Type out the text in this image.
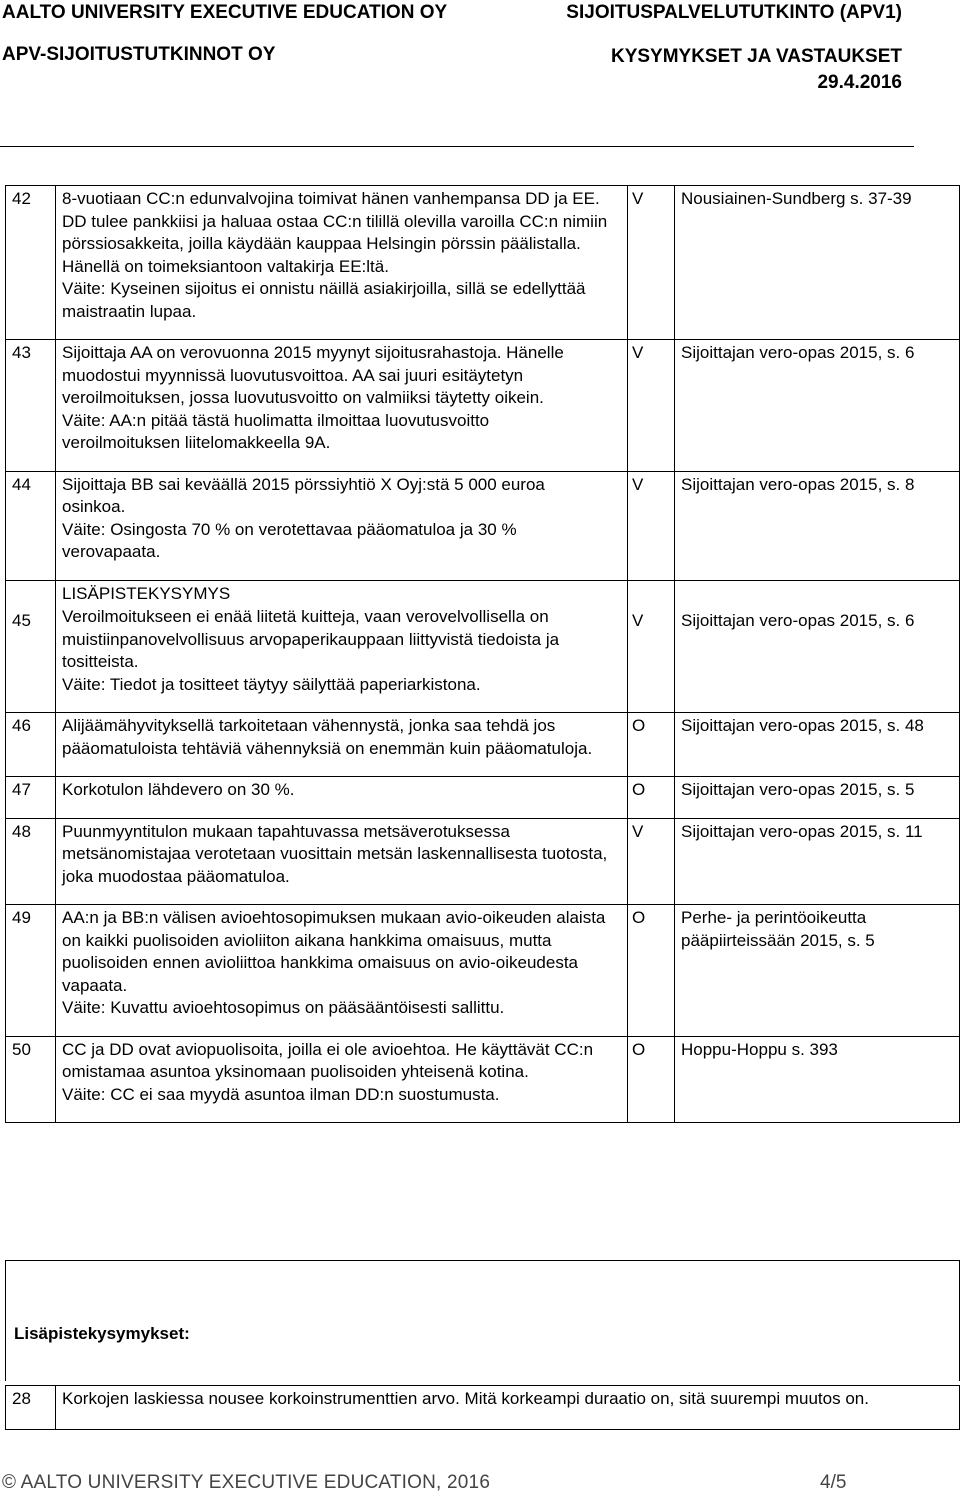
AALTO UNIVERSITY EXECUTIVE EDUCATION OY
APV-SIJOITUSTUTKINNOT OY
SIJOITUSPALVELUTUTKINTO (APV1)
KYSYMYKSET JA VASTAUKSET
29.4.2016
42	8-vuotiaan CC:n edunvalvojina toimivat hänen vanhempansa DD ja EE. DD tulee pankkiisi ja haluaa ostaa CC:n tilillä olevilla varoilla CC:n nimiin pörssiosakkeita, joilla käydään kauppaa Helsingin pörssin päälistalla. Hänellä on toimeksiantoon valtakirja EE:ltä.
Väite: Kyseinen sijoitus ei onnistu näillä asiakirjoilla, sillä se edellyttää maistraatin lupaa.	V	Nousiainen-Sundberg s. 37-39
43	Sijoittaja AA on verovuonna 2015 myynyt sijoitusrahastoja. Hänelle muodostui myynnissä luovutusvoittoa. AA sai juuri esitäytetyn veroilmoituksen, jossa luovutusvoitto on valmiiksi täytetty oikein.
Väite: AA:n pitää tästä huolimatta ilmoittaa luovutusvoitto veroilmoituksen liitelomakkeella 9A.	V	Sijoittajan vero-opas 2015, s. 6
44	Sijoittaja BB sai keväällä 2015 pörssiyhtiö X Oyj:stä 5 000 euroa osinkoa.
Väite: Osingosta 70 % on verotettavaa pääomatuloa ja 30 % verovapaata.	V	Sijoittajan vero-opas 2015, s. 8
45	LISÄPISTEKYSYMYS
Veroilmoitukseen ei enää liitetä kuitteja, vaan verovelvollisella on muistiinpanovelvollisuus arvopaperikauppaan liittyvistä tiedoista ja tositteista.
Väite: Tiedot ja tositteet täytyy säilyttää paperiarkistona.	V	Sijoittajan vero-opas 2015, s. 6
46	Alijäämähyvityksellä tarkoitetaan vähennystä, jonka saa tehdä jos pääomatuloista tehtäviä vähennyksiä on enemmän kuin pääomatuloja.	O	Sijoittajan vero-opas 2015, s. 48
47	Korkotulon lähdevero on 30 %.	O	Sijoittajan vero-opas 2015, s. 5
48	Puunmyyntitulon mukaan tapahtuvassa metsäverotuksessa metsänomistajaa verotetaan vuosittain metsän laskennallisesta tuotosta, joka muodostaa pääomatuloa.	V	Sijoittajan vero-opas 2015, s. 11
49	AA:n ja BB:n välisen avioehtosopimuksen mukaan avio-oikeuden alaista on kaikki puolisoiden avioliiton aikana hankkima omaisuus, mutta puolisoiden ennen avioliittoa hankkima omaisuus on avio-oikeudesta vapaata.
Väite: Kuvattu avioehtosopimus on pääsääntöisesti sallittu.	O	Perhe- ja perintöoikeutta pääpiirteissään 2015, s. 5
50	CC ja DD ovat aviopuolisoita, joilla ei ole avioehtoa. He käyttävät CC:n omistamaa asuntoa yksinomaan puolisoiden yhteisenä kotina.
Väite: CC ei saa myydä asuntoa ilman DD:n suostumusta.	O	Hoppu-Hoppu s. 393
Lisäpistekysymykset:
28	Korkojen laskiessa nousee korkoinstrumenttien arvo. Mitä korkeampi duraatio on, sitä suurempi muutos on.
© AALTO UNIVERSITY EXECUTIVE EDUCATION, 2016	4/5
